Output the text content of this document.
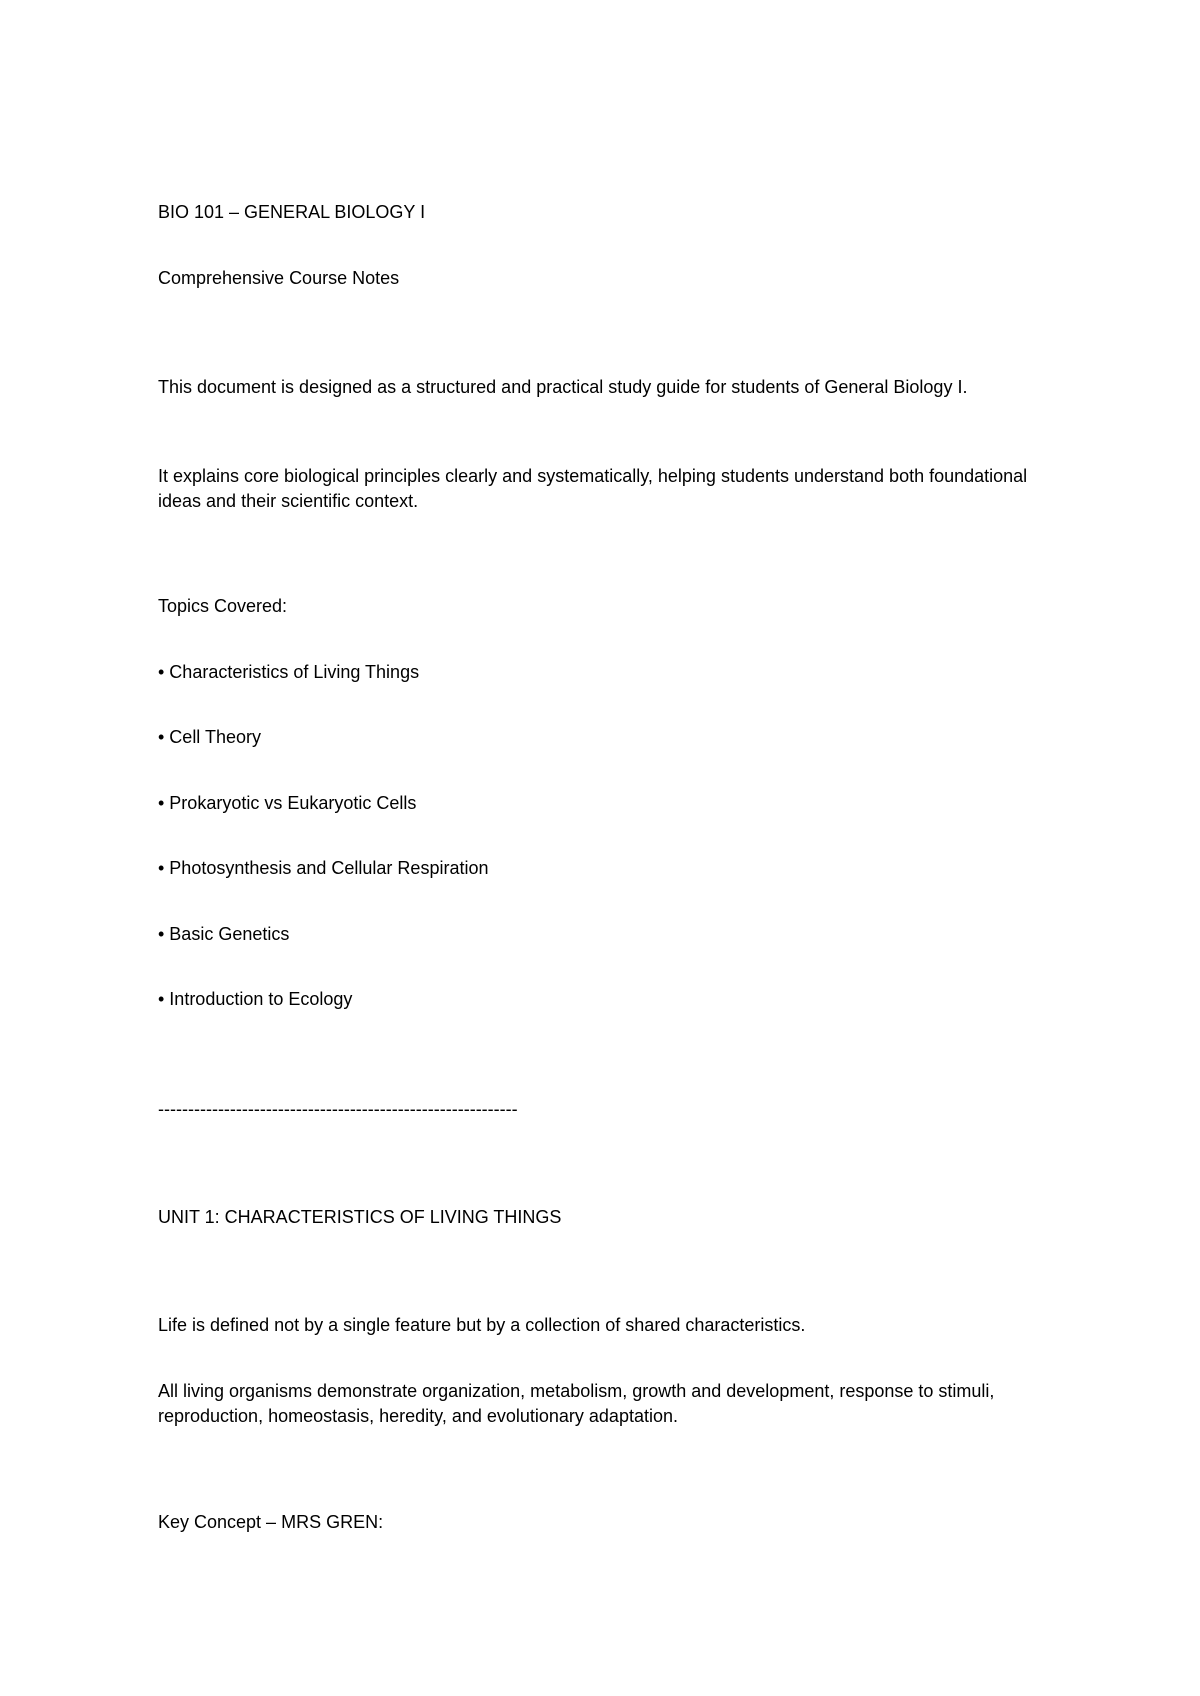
BIO 101 – GENERAL BIOLOGY I

Comprehensive Course Notes

This document is designed as a structured and practical study guide for students of General Biology I.

It explains core biological principles clearly and systematically, helping students understand both foundational ideas and their scientific context.

Topics Covered:

• Characteristics of Living Things

• Cell Theory

• Prokaryotic vs Eukaryotic Cells

• Photosynthesis and Cellular Respiration

• Basic Genetics

• Introduction to Ecology

------------------------------------------------------------

UNIT 1: CHARACTERISTICS OF LIVING THINGS

Life is defined not by a single feature but by a collection of shared characteristics.

All living organisms demonstrate organization, metabolism, growth and development, response to stimuli, reproduction, homeostasis, heredity, and evolutionary adaptation.

Key Concept – MRS GREN:
